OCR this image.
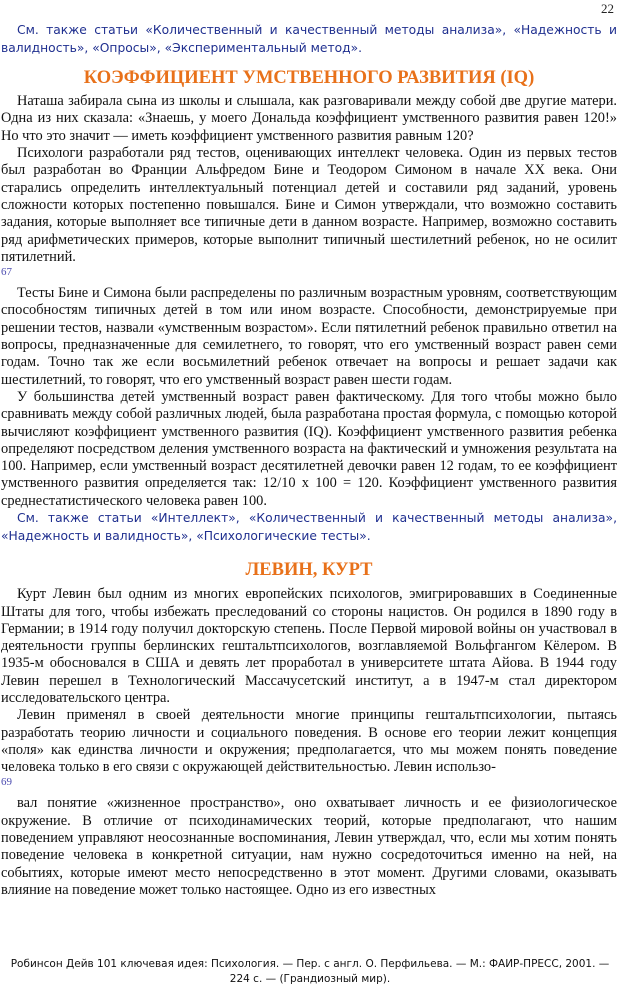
22

См. также статьи «Количественный и качественный методы анализа», «Надежность и валидность», «Опросы», «Экспериментальный метод».

КОЭФФИЦИЕНТ УМСТВЕННОГО РАЗВИТИЯ (IQ)

Наташа забирала сына из школы и слышала, как разговаривали между собой две другие матери. Одна из них сказала: «Знаешь, у моего Дональда коэффициент умственного развития равен 120!» Но что это значит — иметь коэффициент умственного развития равным 120?

Психологи разработали ряд тестов, оценивающих интеллект человека. Один из первых тестов был разработан во Франции Альфредом Бине и Теодором Симоном в начале XX века. Они старались определить интеллектуальный потенциал детей и составили ряд заданий, уровень сложности которых постепенно повышался. Бине и Симон утверждали, что возможно составить задания, которые выполняет все типичные дети в данном возрасте. Например, возможно составить ряд арифметических примеров, которые выполнит типичный шестилетний ребенок, но не осилит пятилетний.

67

Тесты Бине и Симона были распределены по различным возрастным уровням, соответствующим способностям типичных детей в том или ином возрасте. Способности, демонстрируемые при решении тестов, назвали «умственным возрастом». Если пятилетний ребенок правильно ответил на вопросы, предназначенные для семилетнего, то говорят, что его умственный возраст равен семи годам. Точно так же если восьмилетний ребенок отвечает на вопросы и решает задачи как шестилетний, то говорят, что его умственный возраст равен шести годам.

У большинства детей умственный возраст равен фактическому. Для того чтобы можно было сравнивать между собой различных людей, была разработана простая формула, с помощью которой вычисляют коэффициент умственного развития (IQ). Коэффициент умственного развития ребенка определяют посредством деления умственного возраста на фактический и умножения результата на 100. Например, если умственный возраст десятилетней девочки равен 12 годам, то ее коэффициент умственного развития определяется так: 12/10 x 100 = 120. Коэффициент умственного развития среднестатистического человека равен 100.

См. также статьи «Интеллект», «Количественный и качественный методы анализа», «Надежность и валидность», «Психологические тесты».

ЛЕВИН, КУРТ

Курт Левин был одним из многих европейских психологов, эмигрировавших в Соединенные Штаты для того, чтобы избежать преследований со стороны нацистов. Он родился в 1890 году в Германии; в 1914 году получил докторскую степень. После Первой мировой войны он участвовал в деятельности группы берлинских гештальтпсихологов, возглавляемой Вольфгангом Кёлером. В 1935-м обосновался в США и девять лет проработал в университете штата Айова. В 1944 году Левин перешел в Технологический Массачусетский институт, а в 1947-м стал директором исследовательского центра.

Левин применял в своей деятельности многие принципы гештальтпсихологии, пытаясь разработать теорию личности и социального поведения. В основе его теории лежит концепция «поля» как единства личности и окружения; предполагается, что мы можем понять поведение человека только в его связи с окружающей действительностью. Левин использо-

69

вал понятие «жизненное пространство», оно охватывает личность и ее физиологическое окружение. В отличие от психодинамических теорий, которые предполагают, что нашим поведением управляют неосознанные воспоминания, Левин утверждал, что, если мы хотим понять поведение человека в конкретной ситуации, нам нужно сосредоточиться именно на ней, на событиях, которые имеют место непосредственно в этот момент. Другими словами, оказывать влияние на поведение может только настоящее. Одно из его известных

Робинсон Дейв 101 ключевая идея: Психология. — Пер. с англ. О. Перфильева. — М.: ФАИР-ПРЕСС, 2001. — 224 с. — (Грандиозный мир).
